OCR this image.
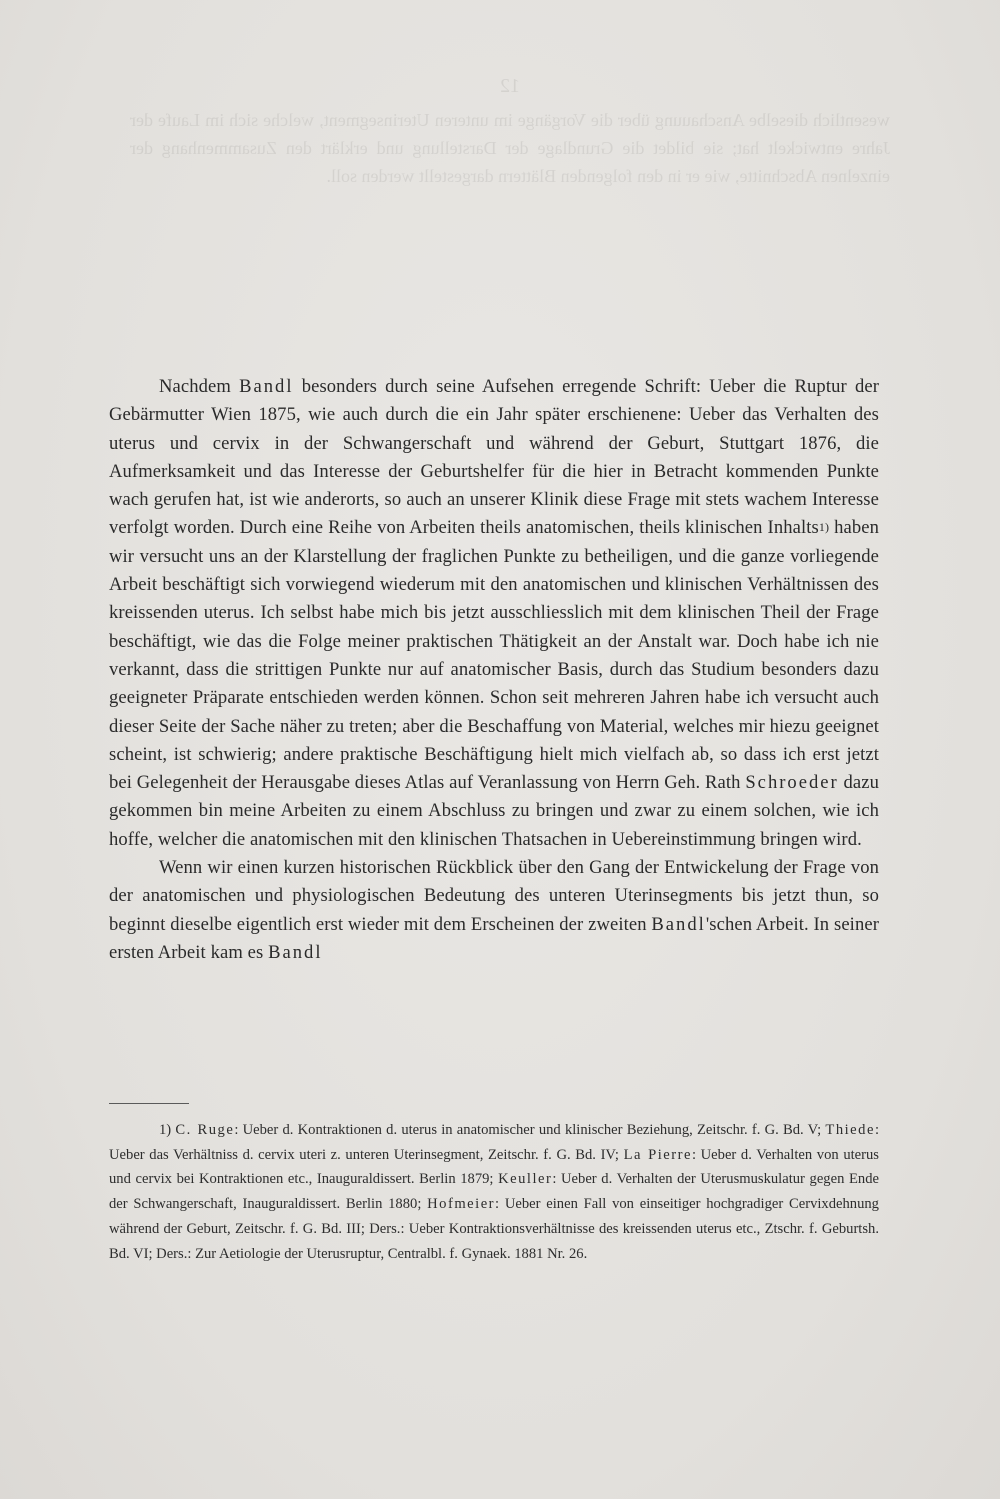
12
wesentlich dieselbe Anschauung über die Vorgänge im unteren Uterinsegment, welche sich im Laufe der Jahre entwickelt hat; sie bildet die Grundlage der Darstellung und erklärt den Zusammenhang der einzelnen Abschnitte, wie er in den folgenden Blättern dargestellt werden soll.

Nachdem Bandl besonders durch seine Aufsehen erregende Schrift: Ueber die Ruptur der Gebärmutter Wien 1875, wie auch durch die ein Jahr später erschienene: Ueber das Verhalten des uterus und cervix in der Schwangerschaft und während der Geburt, Stuttgart 1876, die Aufmerksamkeit und das Interesse der Geburtshelfer für die hier in Betracht kommenden Punkte wach gerufen hat, ist wie anderorts, so auch an unserer Klinik diese Frage mit stets wachem Interesse verfolgt worden. Durch eine Reihe von Arbeiten theils anatomischen, theils klinischen Inhalts$^{1)}$ haben wir versucht uns an der Klarstellung der fraglichen Punkte zu betheiligen, und die ganze vorliegende Arbeit beschäftigt sich vorwiegend wiederum mit den anatomischen und klinischen Verhältnissen des kreissenden uterus. Ich selbst habe mich bis jetzt ausschliesslich mit dem klinischen Theil der Frage beschäftigt, wie das die Folge meiner praktischen Thätigkeit an der Anstalt war. Doch habe ich nie verkannt, dass die strittigen Punkte nur auf anatomischer Basis, durch das Studium besonders dazu geeigneter Präparate entschieden werden können. Schon seit mehreren Jahren habe ich versucht auch dieser Seite der Sache näher zu treten; aber die Beschaffung von Material, welches mir hiezu geeignet scheint, ist schwierig; andere praktische Beschäftigung hielt mich vielfach ab, so dass ich erst jetzt bei Gelegenheit der Herausgabe dieses Atlas auf Veranlassung von Herrn Geh. Rath Schroeder dazu gekommen bin meine Arbeiten zu einem Abschluss zu bringen und zwar zu einem solchen, wie ich hoffe, welcher die anatomischen mit den klinischen Thatsachen in Uebereinstimmung bringen wird.

Wenn wir einen kurzen historischen Rückblick über den Gang der Entwickelung der Frage von der anatomischen und physiologischen Bedeutung des unteren Uterinsegments bis jetzt thun, so beginnt dieselbe eigentlich erst wieder mit dem Erscheinen der zweiten Bandl'schen Arbeit. In seiner ersten Arbeit kam es Bandl

1) C. Ruge: Ueber d. Kontraktionen d. uterus in anatomischer und klinischer Beziehung, Zeitschr. f. G. Bd. V; Thiede: Ueber das Verhältniss d. cervix uteri z. unteren Uterinsegment, Zeitschr. f. G. Bd. IV; La Pierre: Ueber d. Verhalten von uterus und cervix bei Kontraktionen etc., Inauguraldissert. Berlin 1879; Keuller: Ueber d. Verhalten der Uterusmuskulatur gegen Ende der Schwangerschaft, Inauguraldissert. Berlin 1880; Hofmeier: Ueber einen Fall von einseitiger hochgradiger Cervixdehnung während der Geburt, Zeitschr. f. G. Bd. III; Ders.: Ueber Kontraktionsverhältnisse des kreissenden uterus etc., Ztschr. f. Geburtsh. Bd. VI; Ders.: Zur Aetiologie der Uterusruptur, Centralbl. f. Gynaek. 1881 Nr. 26.
